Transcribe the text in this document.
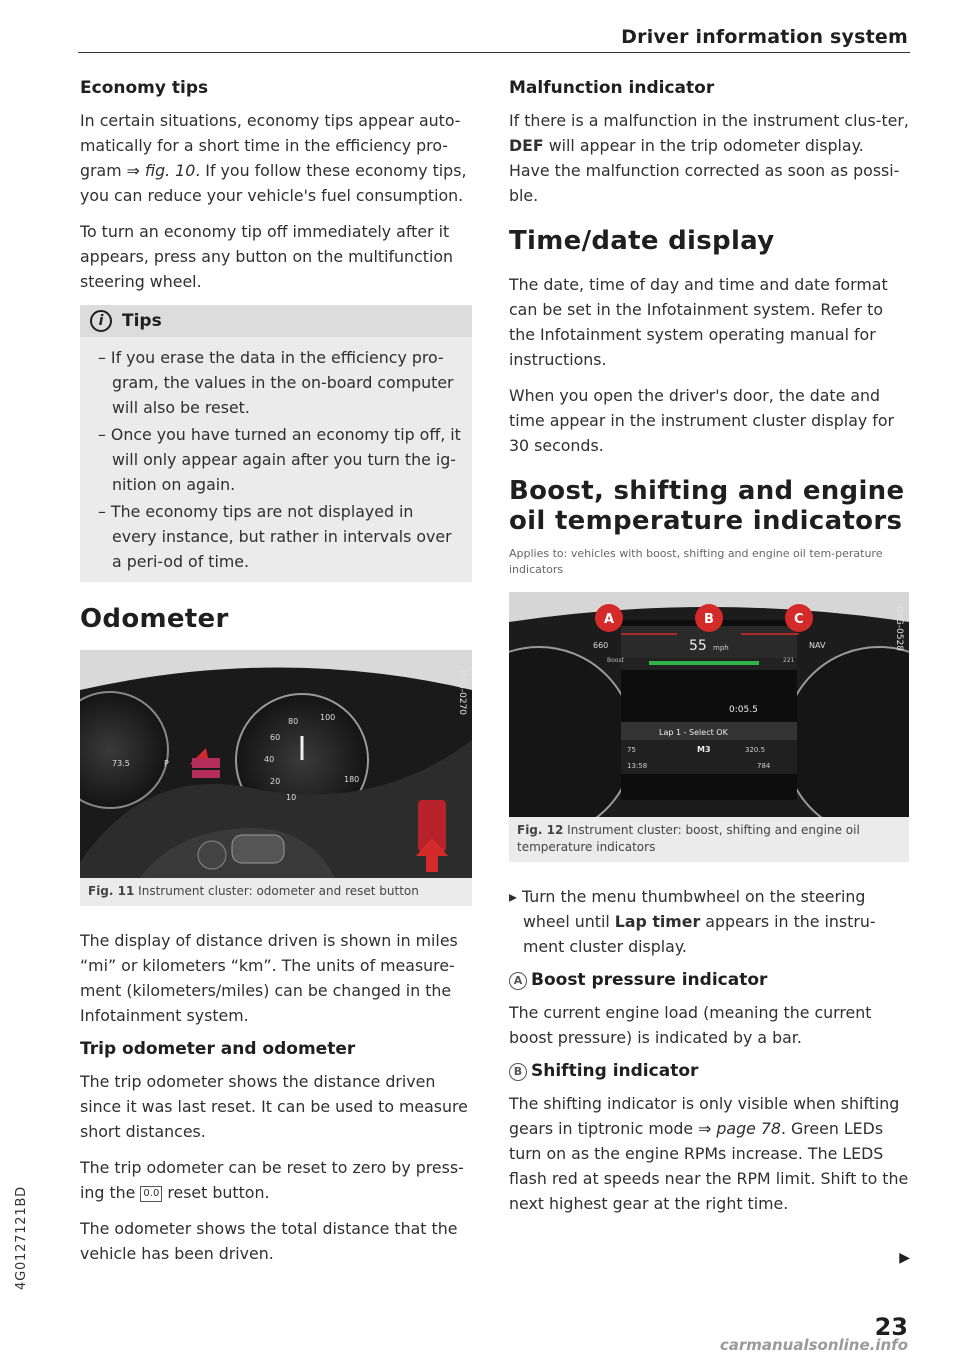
Driver information system
Economy tips

In certain situations, economy tips appear auto-matically for a short time in the efficiency pro-gram ⇒ fig. 10. If you follow these economy tips, you can reduce your vehicle's fuel consumption.

To turn an economy tip off immediately after it appears, press any button on the multifunction steering wheel.

i	Tips
– If you erase the data in the efficiency pro-gram, the values in the on-board computer will also be reset.
– Once you have turned an economy tip off, it will only appear again after you turn the ig-nition on again.
– The economy tips are not displayed in every instance, but rather in intervals over a peri-od of time.
Odometer
73.5	P
80
60
40
20
10
100
180
B4G-0270
Fig. 11 Instrument cluster: odometer and reset button

The display of distance driven is shown in miles “mi” or kilometers “km”. The units of measure-ment (kilometers/miles) can be changed in the Infotainment system.

Trip odometer and odometer

The trip odometer shows the distance driven since it was last reset. It can be used to measure short distances.

The trip odometer can be reset to zero by press-ing the 0.0 reset button.

The odometer shows the total distance that the vehicle has been driven.

Malfunction indicator

If there is a malfunction in the instrument clus-ter, DEF will appear in the trip odometer display. Have the malfunction corrected as soon as possi-ble.

Time/date display

The date, time of day and time and date format can be set in the Infotainment system. Refer to the Infotainment system operating manual for instructions.

When you open the driver's door, the date and time appear in the instrument cluster display for 30 seconds.

Boost, shifting and engine oil temperature indicators
Applies to: vehicles with boost, shifting and engine oil tem-perature indicators
A	B	C
660
Boost
55 mph	NAV
221
0:05.5
Lap 1 - Select OK
75	M3	320.5
13:58	784
B4G-0528
Fig. 12 Instrument cluster: boost, shifting and engine oil temperature indicators

▸ Turn the menu thumbwheel on the steering wheel until Lap timer appears in the instru-ment cluster display.

A Boost pressure indicator

The current engine load (meaning the current boost pressure) is indicated by a bar.

B Shifting indicator

The shifting indicator is only visible when shifting gears in tiptronic mode ⇒ page 78. Green LEDs turn on as the engine RPMs increase. The LEDS flash red at speeds near the RPM limit. Shift to the next highest gear at the right time.

▶
4G0127121BD
23
carmanualsonline.info
